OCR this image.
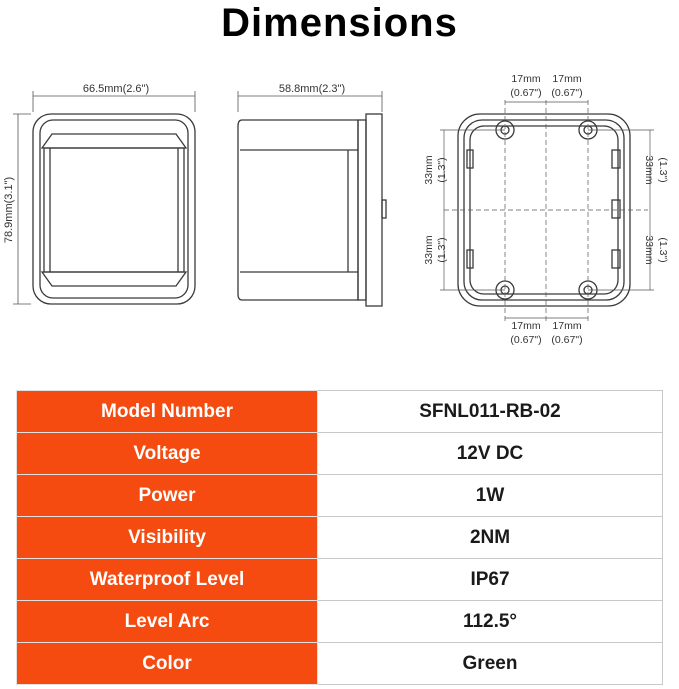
Dimensions
66.5mm(2.6")
78.9mm(3.1")
58.8mm(2.3")
17mm
(0.67")
17mm
(0.67")
17mm
(0.67")
17mm
(0.67")
33mm (1.3")
33mm (1.3")
33mm (1.3")
33mm (1.3")
Model Number	SFNL011-RB-02
Voltage	12V DC
Power	1W
Visibility	2NM
Waterproof Level	IP67
Level Arc	112.5°
Color	Green
